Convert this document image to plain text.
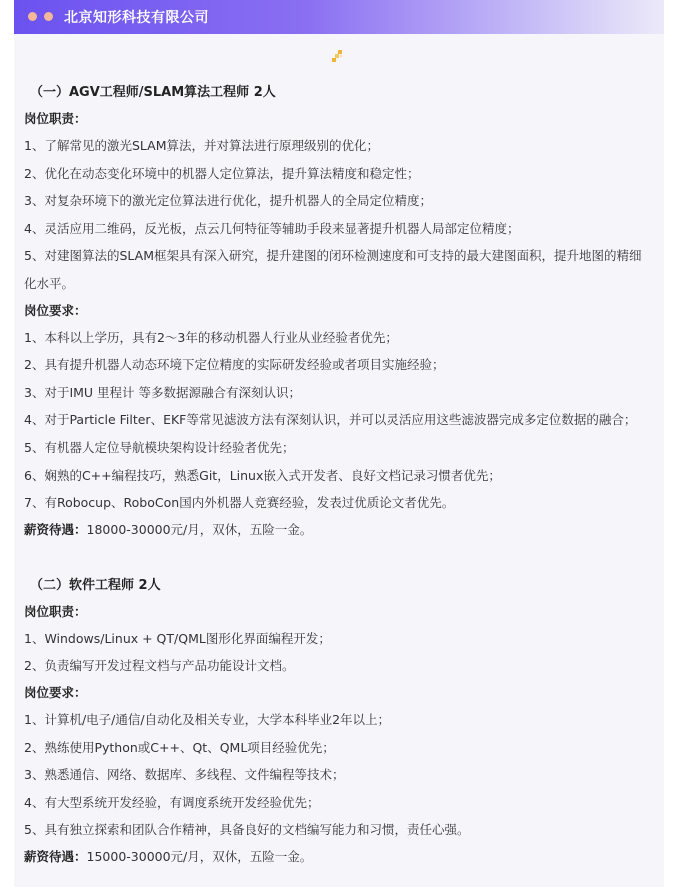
北京知形科技有限公司
（一）AGV工程师/SLAM算法工程师 2人
岗位职责：
1、了解常见的激光SLAM算法，并对算法进行原理级别的优化；
2、优化在动态变化环境中的机器人定位算法，提升算法精度和稳定性；
3、对复杂环境下的激光定位算法进行优化，提升机器人的全局定位精度；
4、灵活应用二维码，反光板，点云几何特征等辅助手段来显著提升机器人局部定位精度；
5、对建图算法的SLAM框架具有深入研究，提升建图的闭环检测速度和可支持的最大建图面积，提升地图的精细化水平。
岗位要求：
1、本科以上学历，具有2～3年的移动机器人行业从业经验者优先；
2、具有提升机器人动态环境下定位精度的实际研发经验或者项目实施经验；
3、对于IMU 里程计 等多数据源融合有深刻认识；
4、对于Particle Filter、EKF等常见滤波方法有深刻认识，并可以灵活应用这些滤波器完成多定位数据的融合；
5、有机器人定位导航模块架构设计经验者优先；
6、娴熟的C++编程技巧，熟悉Git，Linux嵌入式开发者、良好文档记录习惯者优先；
7、有Robocup、RoboCon国内外机器人竞赛经验，发表过优质论文者优先。
薪资待遇：18000-30000元/月，双休，五险一金。
（二）软件工程师 2人
岗位职责：
1、Windows/Linux + QT/QML图形化界面编程开发；
2、负责编写开发过程文档与产品功能设计文档。
岗位要求：
1、计算机/电子/通信/自动化及相关专业，大学本科毕业2年以上；
2、熟练使用Python或C++、Qt、QML项目经验优先；
3、熟悉通信、网络、数据库、多线程、文件编程等技术；
4、有大型系统开发经验，有调度系统开发经验优先；
5、具有独立探索和团队合作精神，具备良好的文档编写能力和习惯，责任心强。
薪资待遇：15000-30000元/月，双休，五险一金。
